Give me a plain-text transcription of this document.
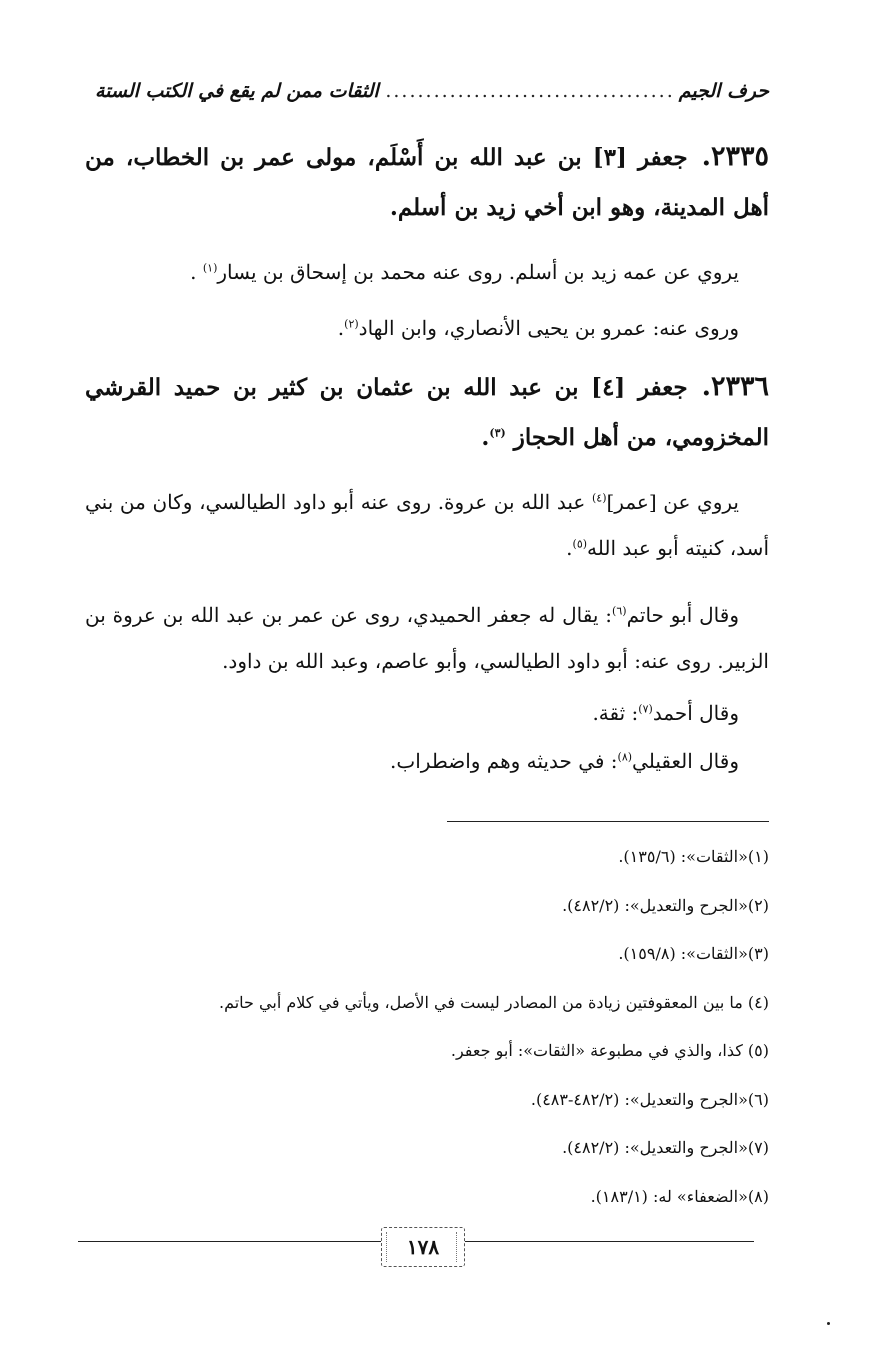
حرف الجيم
.....
الثقات ممن لم يقع في الكتب الستة
٢٣٣٥.جعفر [٣] بن عبد الله بن أَسْلَم، مولى عمر بن الخطاب، من أهل المدينة، وهو ابن أخي زيد بن أسلم.
يروي عن عمه زيد بن أسلم. روى عنه محمد بن إسحاق بن يسار$^{(١)}$ .
وروى عنه: عمرو بن يحيى الأنصاري، وابن الهاد$^{(٢)}$.
٢٣٣٦.جعفر [٤] بن عبد الله بن عثمان بن كثير بن حميد القرشي المخزومي، من أهل الحجاز $^{(٣)}$.
يروي عن [عمر]$^{(٤)}$ عبد الله بن عروة. روى عنه أبو داود الطيالسي، وكان من بني أسد، كنيته أبو عبد الله$^{(٥)}$.
وقال أبو حاتم$^{(٦)}$: يقال له جعفر الحميدي، روى عن عمر بن عبد الله بن عروة بن الزبير. روى عنه: أبو داود الطيالسي، وأبو عاصم، وعبد الله بن داود.
وقال أحمد$^{(٧)}$: ثقة.
وقال العقيلي$^{(٨)}$: في حديثه وهم واضطراب.
(١)«الثقات»: (١٣٥/٦).
(٢)«الجرح والتعديل»: (٤٨٢/٢).
(٣)«الثقات»: (١٥٩/٨).
(٤) ما بين المعقوفتين زيادة من المصادر ليست في الأصل، ويأتي في كلام أبي حاتم.
(٥) كذا، والذي في مطبوعة «الثقات»: أبو جعفر.
(٦)«الجرح والتعديل»: (٤٨٢/٢-٤٨٣).
(٧)«الجرح والتعديل»: (٤٨٢/٢).
(٨)«الضعفاء» له: (١٨٣/١).
١٧٨
